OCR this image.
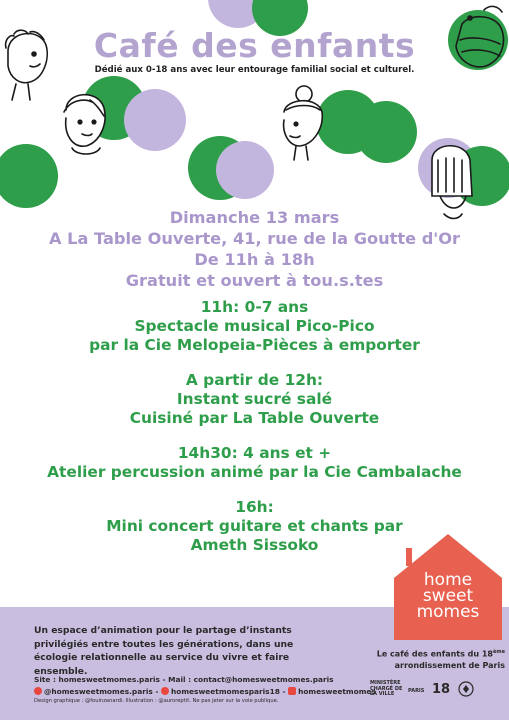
Café des enfants

Dédié aux 0-18 ans avec leur entourage familial social et culturel.

Dimanche 13 mars
A La Table Ouverte, 41, rue de la Goutte d'Or
De 11h à 18h
Gratuit et ouvert à tou.s.tes
11h: 0-7 ans
Spectacle musical Pico-Pico
par la Cie Melopeia-Pièces à emporter
A partir de 12h:
Instant sucré salé
Cuisiné par La Table Ouverte
14h30: 4 ans et +
Atelier percussion animé par la Cie Cambalache
16h:
Mini concert guitare et chants par
Ameth Sissoko
Un espace d’animation pour le partage d’instants privilégiés entre toutes les générations, dans une écologie relationnelle au service du vivre et faire ensemble.
Site : homesweetmomes.paris - Mail : contact@homesweetmomes.paris
@homesweetmomes.paris - homesweetmomesparis18 - homesweetmomes
Design graphique : @fouinzanardi. Illustration : @auroreptit. Ne pas jeter sur la voie publique.
home
sweet
momes
Le café des enfants du 18ème
arrondissement de Paris
MINISTÈRE CHARGÉ DE LA VILLE	PARIS 18
